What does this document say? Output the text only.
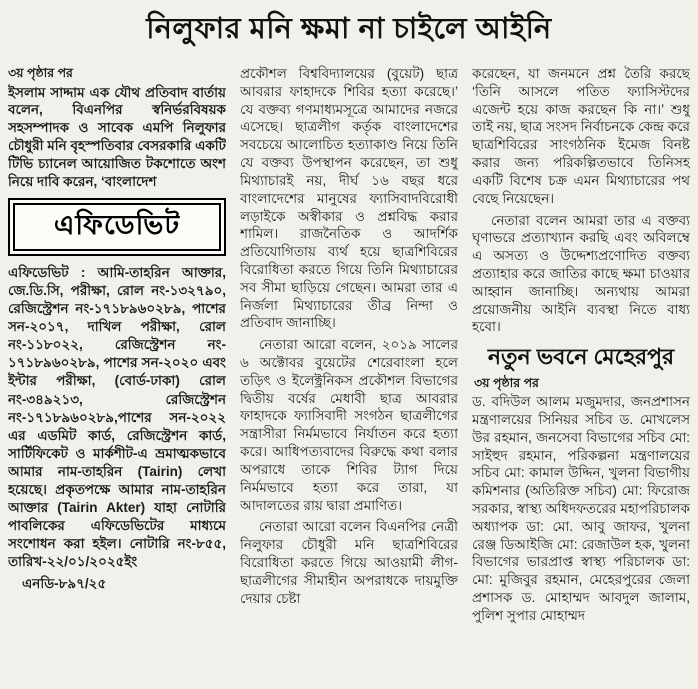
নিলুফার মনি ক্ষমা না চাইলে আইনি
৩য় পৃষ্ঠার পর

ইসলাম সাদ্দাম এক যৌথ প্রতিবাদ বার্তায় বলেন, বিএনপির স্বনির্ভরবিষয়ক সহসম্পাদক ও সাবেক এমপি নিলুফার চৌধুরী মনি বৃহস্পতিবার বেসরকারি একটি টিভি চ্যানেল আয়োজিত টকশোতে অংশ নিয়ে দাবি করেন, ‘বাংলাদেশ

এফিডেভিট

এফিডেভিট : আমি-তাহরিন আক্তার, জে.ডি.সি, পরীক্ষা, রোল নং-১৩২৭৯০, রেজিস্ট্রেশন নং-১৭১৮৯৬০২৮৯, পাশের সন-২০১৭, দাখিল পরীক্ষা, রোল নং-১১৮০২২, রেজিস্ট্রেশন নং- ১৭১৮৯৬০২৮৯, পাশের সন-২০২০ এবং ইন্টার পরীক্ষা, (বোর্ড-ঢাকা) রোল নং-৩৪৯২১৩, রেজিস্ট্রেশন নং-১৭১৮৯৬০২৮৯,পাশের সন-২০২২ এর এডমিট কার্ড, রেজিস্ট্রেশন কার্ড, সার্টিফিকেট ও মার্কশীট-এ ভ্রমাত্মকভাবে আমার নাম-তাহরিন (Tairin) লেখা হয়েছে। প্রকৃতপক্ষে আমার নাম-তাহরিন আক্তার (Tairin Akter) যাহা নোটারি পাবলিকের এফিডেভিটের মাধ্যমে সংশোধন করা হইল। নোটারি নং-৮৫৫, তারিখ-২২/০১/২০২৫ইং

এনডি-৮৯৭/২৫

প্রকৌশল বিশ্ববিদ্যালয়ের (বুয়েট) ছাত্র আবরার ফাহাদকে শিবির হত্যা করেছে।’ যে বক্তব্য গণমাধ্যমসূত্রে আমাদের নজরে এসেছে। ছাত্রলীগ কর্তৃক বাংলাদেশের সবচেয়ে আলোচিত হত্যাকাণ্ড নিয়ে তিনি যে বক্তব্য উপস্থাপন করেছেন, তা শুধু মিথ্যাচারই নয়, দীর্ঘ ১৬ বছর ধরে বাংলাদেশের মানুষের ফ্যাসিবাদবিরোধী লড়াইকে অস্বীকার ও প্রশ্নবিদ্ধ করার শামিল। রাজনৈতিক ও আদর্শিক প্রতিযোগিতায় ব্যর্থ হয়ে ছাত্রশিবিরের বিরোধিতা করতে গিয়ে তিনি মিথ্যাচারের সব সীমা ছাড়িয়ে গেছেন। আমরা তার এ নির্জলা মিথ্যাচারের তীব্র নিন্দা ও প্রতিবাদ জানাচ্ছি।

নেতারা আরো বলেন, ২০১৯ সালের ৬ অক্টোবর বুয়েটের শেরেবাংলা হলে তড়িৎ ও ইলেক্ট্রনিকস প্রকৌশল বিভাগের দ্বিতীয় বর্ষের মেধাবী ছাত্র আবরার ফাহাদকে ফ্যাসিবাদী সংগঠন ছাত্রলীগের সন্ত্রাসীরা নির্মমভাবে নির্যাতন করে হত্যা করে। আধিপত্যবাদের বিরুদ্ধে কথা বলার অপরাধে তাকে শিবির ট্যাগ দিয়ে নির্মমভাবে হত্যা করে তারা, যা আদালতের রায় দ্বারা প্রমাণিত।

নেতারা আরো বলেন বিএনপির নেত্রী নিলুফার চৌধুরী মনি ছাত্রশিবিরের বিরোধিতা করতে গিয়ে আওয়ামী লীগ-ছাত্রলীগের সীমাহীন অপরাধকে দায়মুক্তি দেয়ার চেষ্টা

করেছেন, যা জনমনে প্রশ্ন তৈরি করছে ‘তিনি আসলে পতিত ফ্যাসিস্টদের এজেন্ট হয়ে কাজ করছেন কি না।’ শুধু তাই নয়, ছাত্র সংসদ নির্বাচনকে কেন্দ্র করে ছাত্রশিবিরের সাংগঠনিক ইমেজ বিনষ্ট করার জন্য পরিকল্পিতভাবে তিনিসহ একটি বিশেষ চক্র এমন মিথ্যাচারের পথ বেছে নিয়েছেন।

নেতারা বলেন আমরা তার এ বক্তব্য ঘৃণাভরে প্রত্যাখ্যান করছি এবং অবিলম্বে এ অসত্য ও উদ্দেশ্যপ্রণোদিত বক্তব্য প্রত্যাহার করে জাতির কাছে ক্ষমা চাওয়ার আহ্বান জানাচ্ছি। অন্যথায় আমরা প্রয়োজনীয় আইনি ব্যবস্থা নিতে বাধ্য হবো।

নতুন ভবনে মেহেরপুর
৩য় পৃষ্ঠার পর

ড. বদিউল আলম মজুমদার, জনপ্রশাসন মন্ত্রণালয়ের সিনিয়র সচিব ড. মোখলেস উর রহমান, জনসেবা বিভাগের সচিব মো: সাইহুদ রহমান, পরিকল্পনা মন্ত্রণালয়ের সচিব মো: কামাল উদ্দিন, খুলনা বিভাগীয় কমিশনার (অতিরিক্ত সচিব) মো: ফিরোজ সরকার, স্বাস্থ্য অধিদফতরের মহাপরিচালক অধ্যাপক ডা: মো. আবু জাফর, খুলনা রেঞ্জ ডিআইজি মো: রেজাউল হক, খুলনা বিভাগের ভারপ্রাপ্ত স্বাস্থ্য পরিচালক ডা: মো: মুজিবুর রহমান, মেহেরপুরের জেলা প্রশাসক ড. মোহাম্মদ আবদুল জালাম, পুলিশ সুপার মোহাম্মদ
